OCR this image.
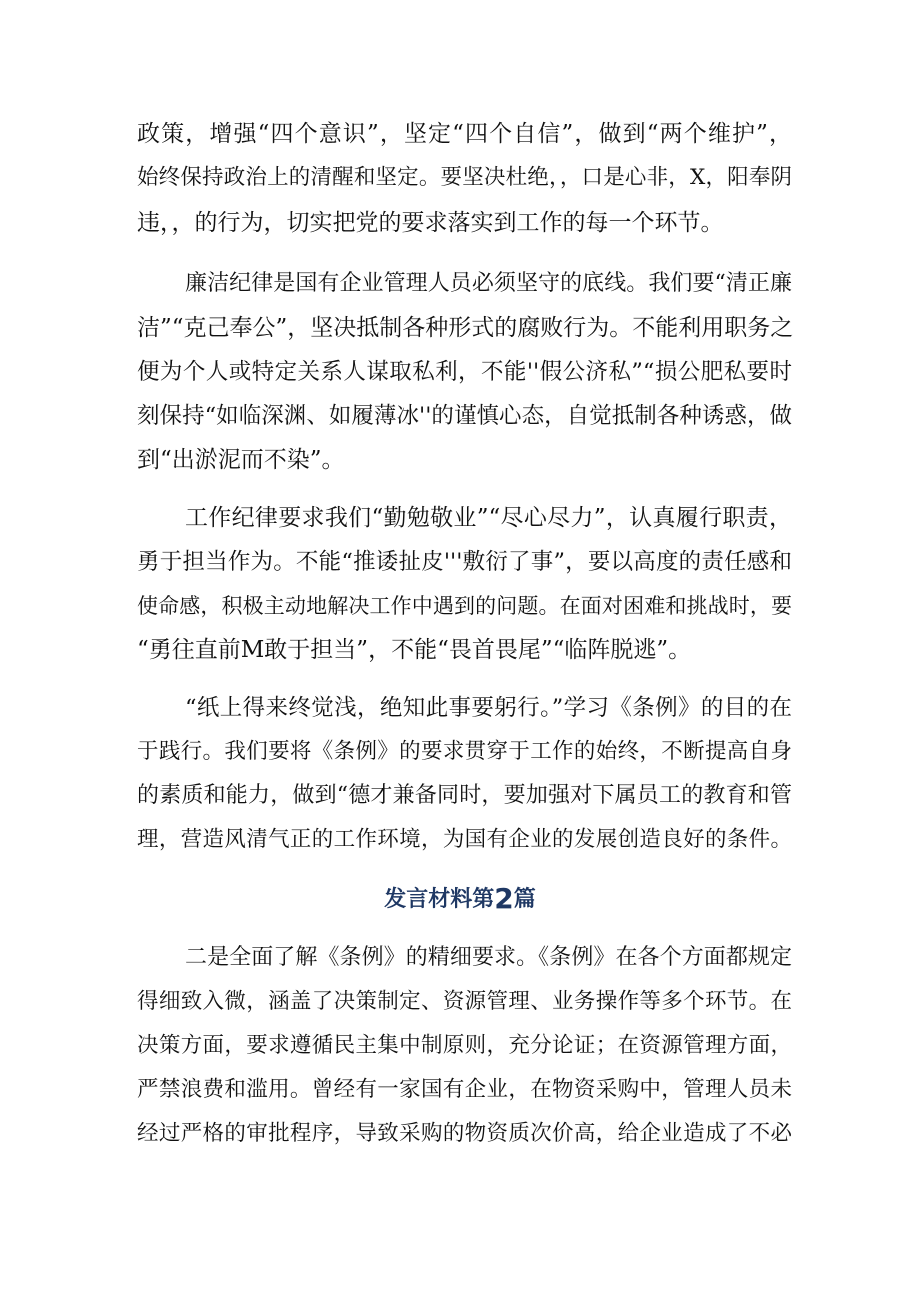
政策，增强“四个意识”，坚定“四个自信”，做到“两个维护”，
始终保持政治上的清醒和坚定。要坚决杜绝，，口是心非，X，阳奉阴
违，，的行为，切实把党的要求落实到工作的每一个环节。
廉洁纪律是国有企业管理人员必须坚守的底线。我们要“清正廉
洁”“克己奉公”，坚决抵制各种形式的腐败行为。不能利用职务之
便为个人或特定关系人谋取私利，不能''假公济私”“损公肥私要时
刻保持“如临深渊、如履薄冰''的谨慎心态，自觉抵制各种诱惑，做
到“出淤泥而不染”。
工作纪律要求我们“勤勉敬业”“尽心尽力”，认真履行职责，
勇于担当作为。不能“推诿扯皮'''敷衍了事”，要以高度的责任感和
使命感，积极主动地解决工作中遇到的问题。在面对困难和挑战时，要
“勇往直前M敢于担当”，不能“畏首畏尾”“临阵脱逃”。
“纸上得来终觉浅，绝知此事要躬行。”学习《条例》的目的在
于践行。我们要将《条例》的要求贯穿于工作的始终，不断提高自身
的素质和能力，做到“德才兼备同时，要加强对下属员工的教育和管
理，营造风清气正的工作环境，为国有企业的发展创造良好的条件。
发言材料第2篇
二是全面了解《条例》的精细要求。《条例》在各个方面都规定
得细致入微，涵盖了决策制定、资源管理、业务操作等多个环节。在
决策方面，要求遵循民主集中制原则，充分论证；在资源管理方面，
严禁浪费和滥用。曾经有一家国有企业，在物资采购中，管理人员未
经过严格的审批程序，导致采购的物资质次价高，给企业造成了不必
